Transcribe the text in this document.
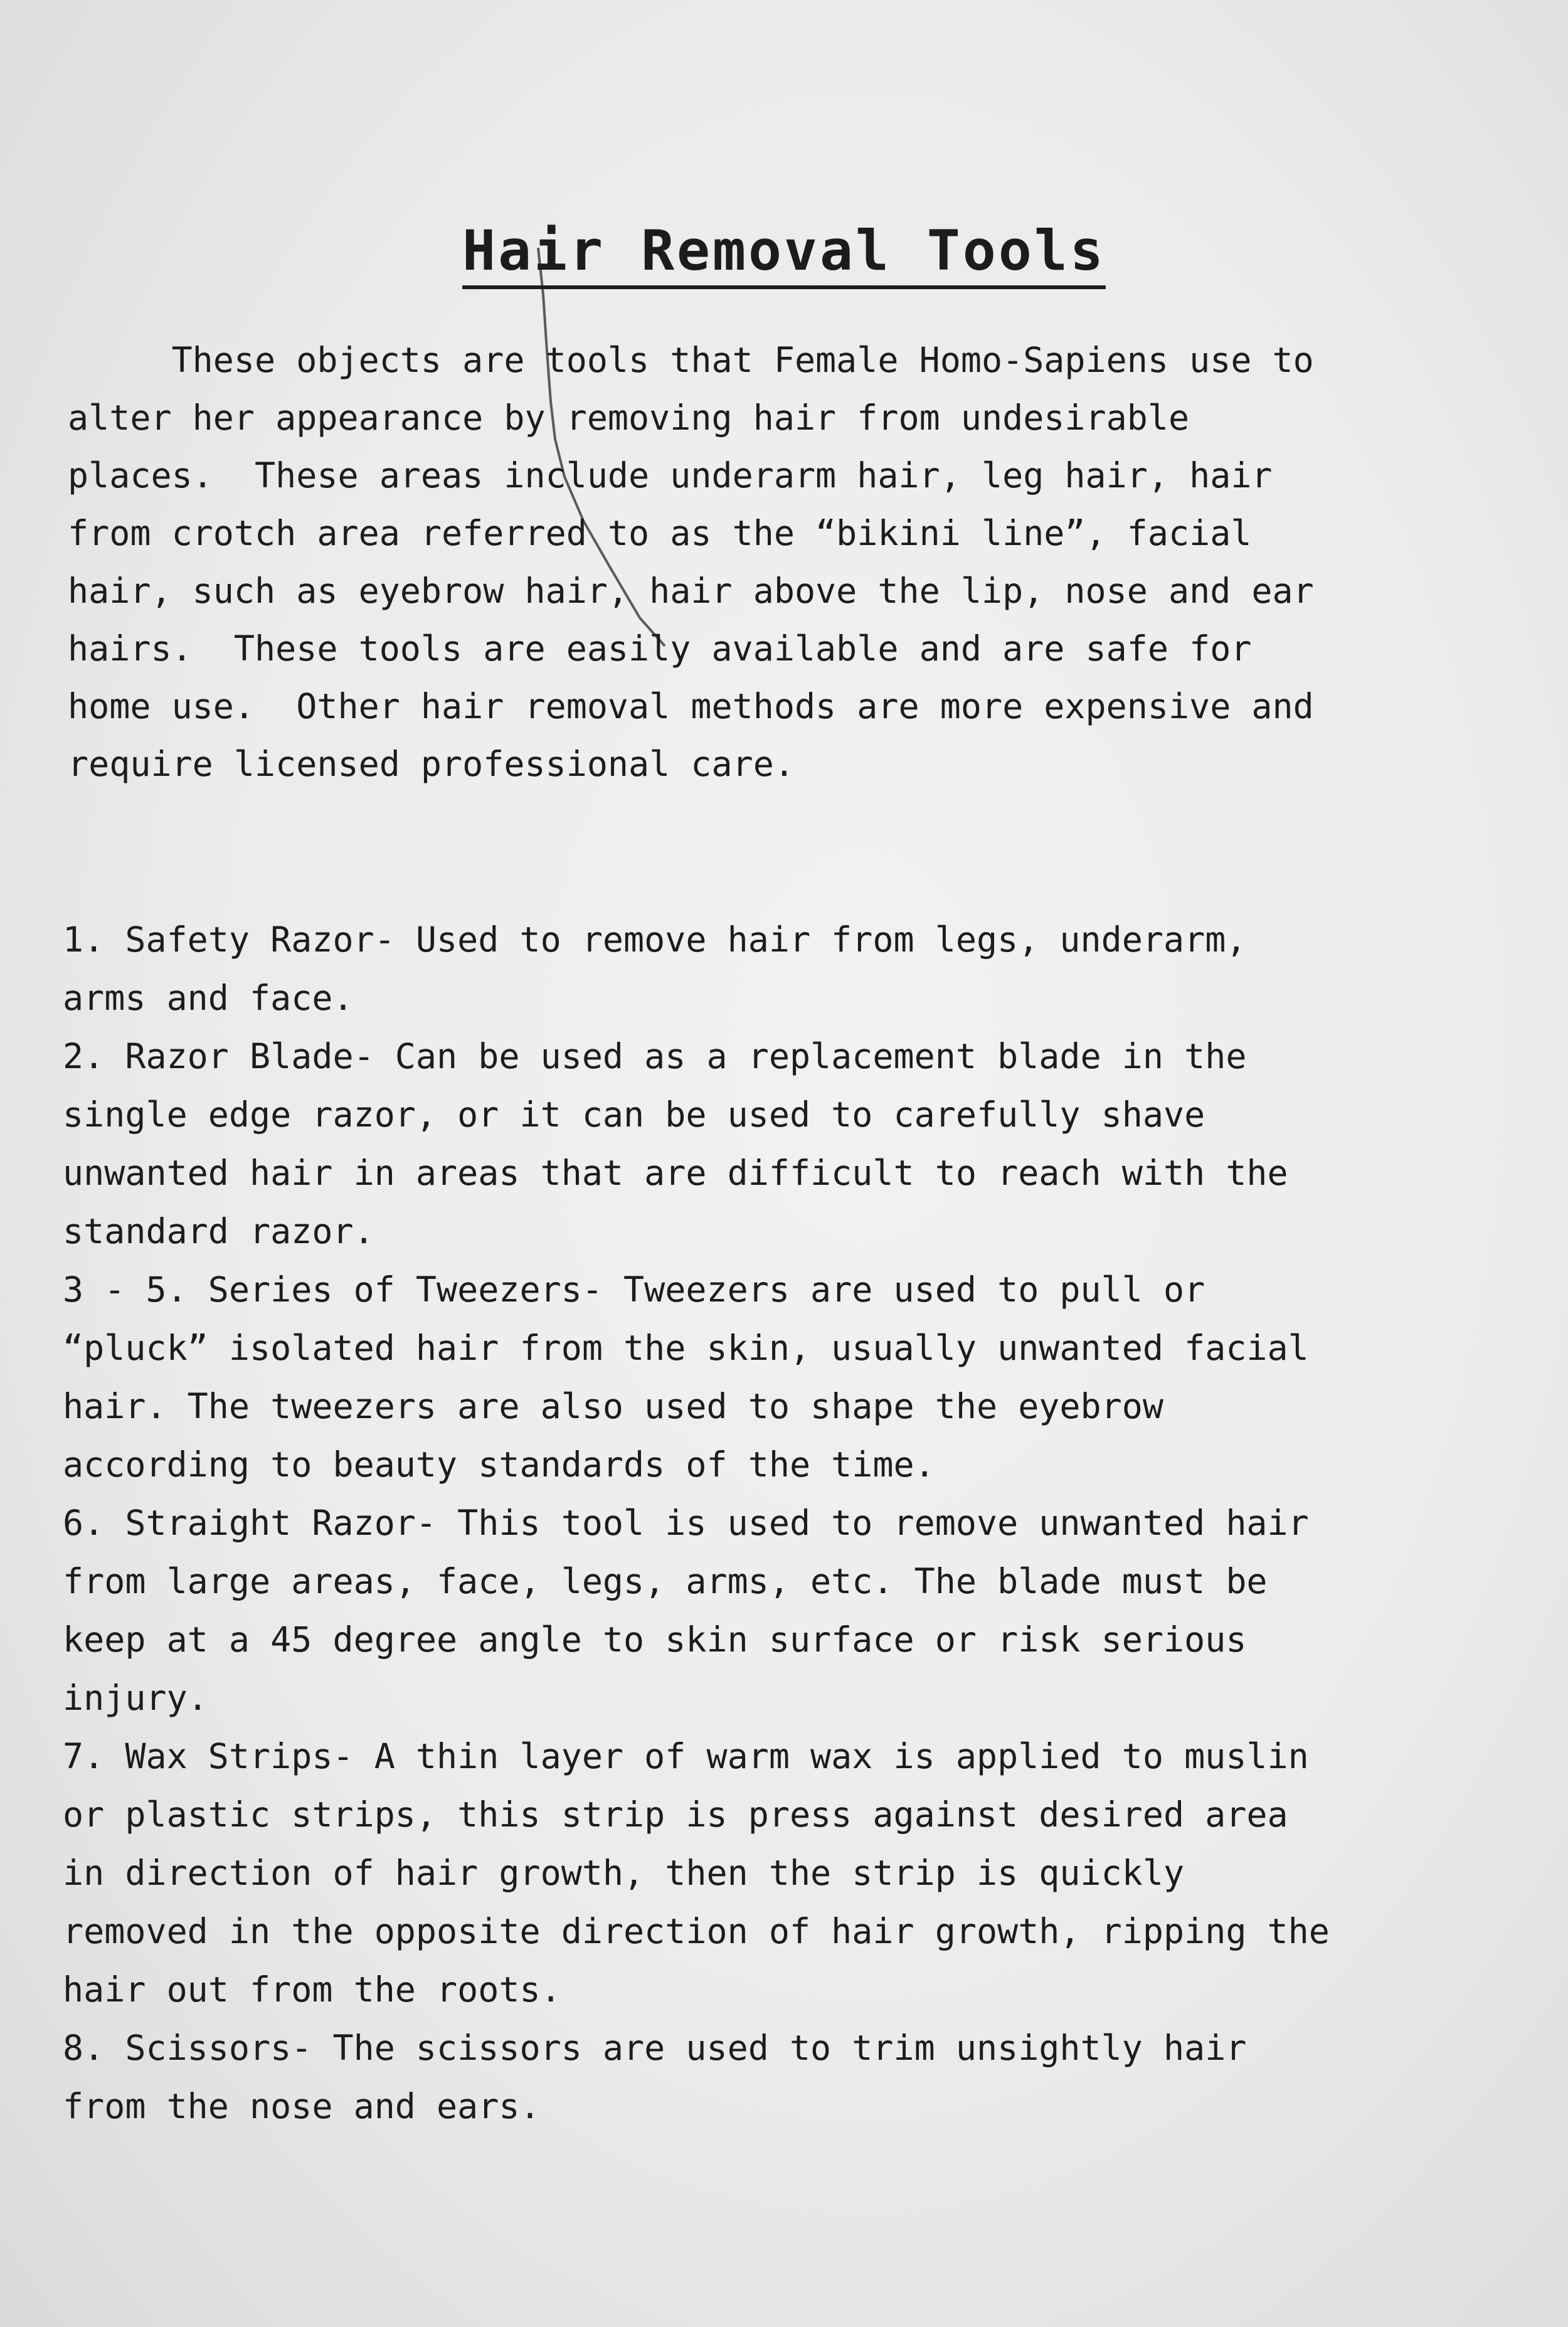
Hair Removal Tools
These objects are tools that Female Homo-Sapiens use to
alter her appearance by removing hair from undesirable
places.  These areas include underarm hair, leg hair, hair
from crotch area referred to as the “bikini line”, facial
hair, such as eyebrow hair, hair above the lip, nose and ear
hairs.  These tools are easily available and are safe for
home use.  Other hair removal methods are more expensive and
require licensed professional care.
1. Safety Razor- Used to remove hair from legs, underarm,
arms and face.
2. Razor Blade- Can be used as a replacement blade in the
single edge razor, or it can be used to carefully shave
unwanted hair in areas that are difficult to reach with the
standard razor.
3 - 5. Series of Tweezers- Tweezers are used to pull or
“pluck” isolated hair from the skin, usually unwanted facial
hair. The tweezers are also used to shape the eyebrow
according to beauty standards of the time.
6. Straight Razor- This tool is used to remove unwanted hair
from large areas, face, legs, arms, etc. The blade must be
keep at a 45 degree angle to skin surface or risk serious
injury.
7. Wax Strips- A thin layer of warm wax is applied to muslin
or plastic strips, this strip is press against desired area
in direction of hair growth, then the strip is quickly
removed in the opposite direction of hair growth, ripping the
hair out from the roots.
8. Scissors- The scissors are used to trim unsightly hair
from the nose and ears.
